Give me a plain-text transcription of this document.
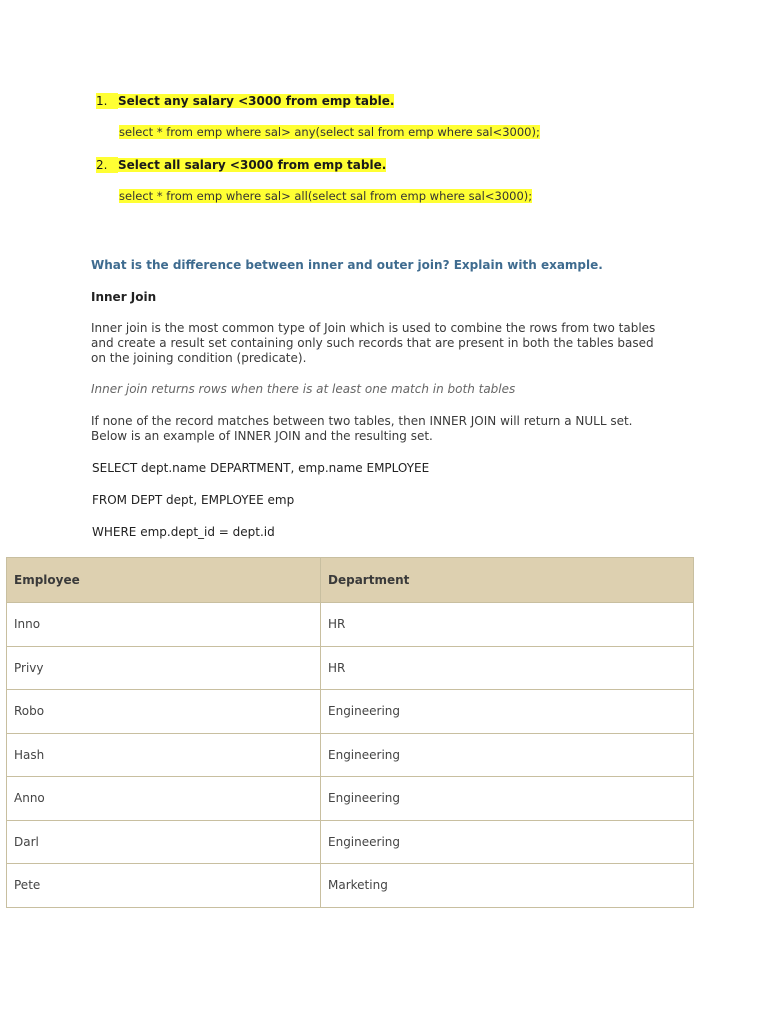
1. Select any salary <3000 from emp table.

select * from emp where sal> any(select sal from emp where sal<3000);

2. Select all salary <3000 from emp table.

select * from emp where sal> all(select sal from emp where sal<3000);

What is the difference between inner and outer join? Explain with example.

Inner Join

Inner join is the most common type of Join which is used to combine the rows from two tables and create a result set containing only such records that are present in both the tables based on the joining condition (predicate).

Inner join returns rows when there is at least one match in both tables

If none of the record matches between two tables, then INNER JOIN will return a NULL set. Below is an example of INNER JOIN and the resulting set.

SELECT dept.name DEPARTMENT, emp.name EMPLOYEE

FROM DEPT dept, EMPLOYEE emp

WHERE emp.dept_id = dept.id

Employee	Department
Inno	HR
Privy	HR
Robo	Engineering
Hash	Engineering
Anno	Engineering
Darl	Engineering
Pete	Marketing
